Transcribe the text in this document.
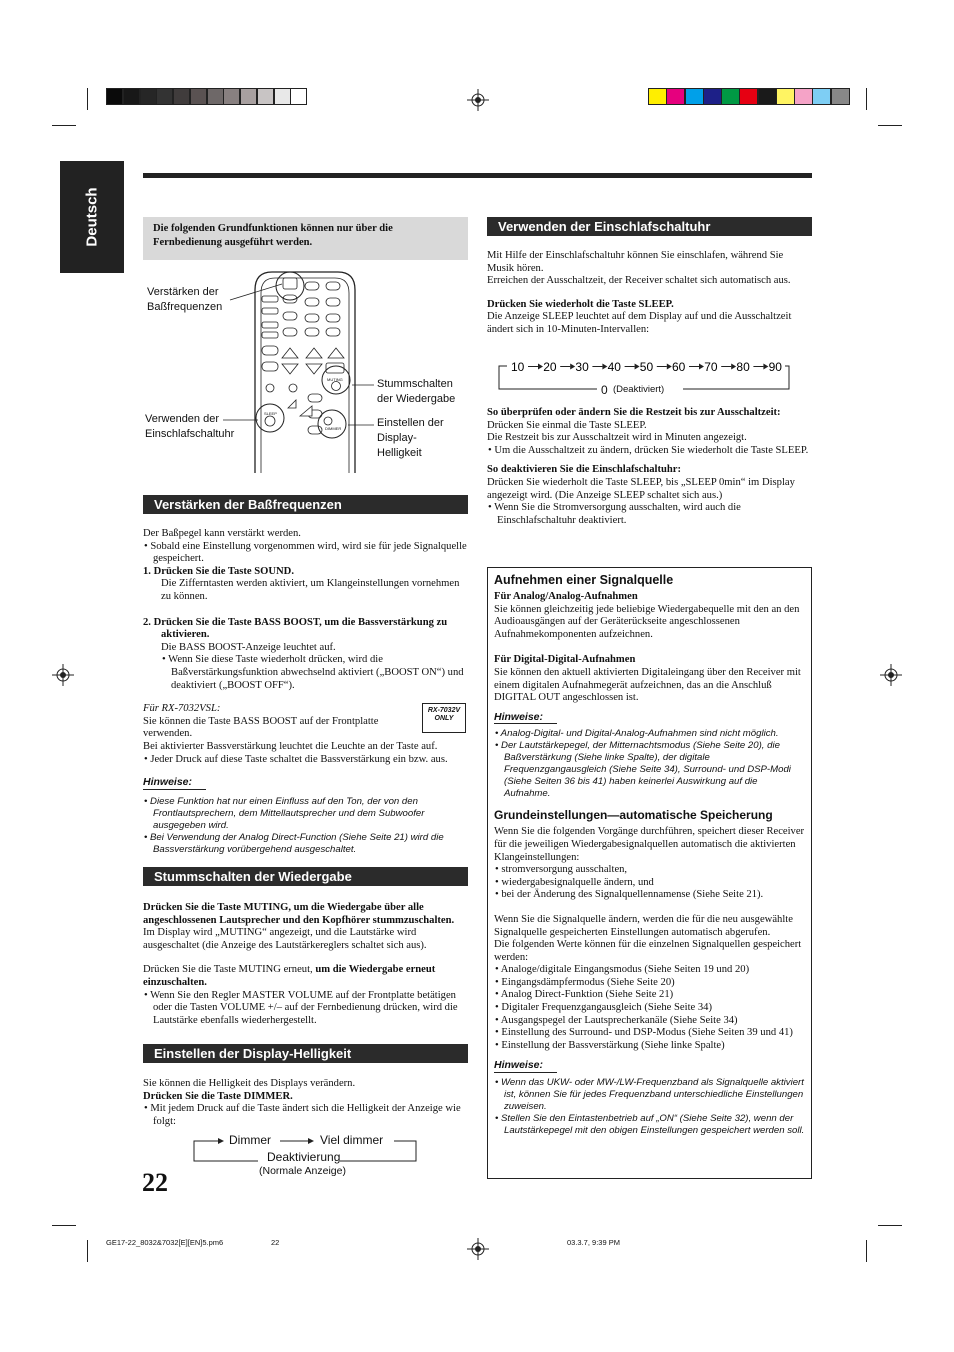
Deutsch	Die folgenden Grundfunktionen können nur über die Fernbedienung ausgeführt werden.
MUTING
SLEEP
DIMMER
Verstärken der Baßfrequenzen
Verwenden der Einschlafschaltuhr
Stummschalten der Wiedergabe
Einstellen der Display-Helligkeit
Verstärken der Baßfrequenzen
Der Baßpegel kann verstärkt werden.
• Sobald eine Einstellung vorgenommen wird, wird sie für jede Signalquelle gespeichert.
1. Drücken Sie die Taste SOUND.
Die Zifferntasten werden aktiviert, um Klangeinstellungen vornehmen zu können.
2. Drücken Sie die Taste BASS BOOST, um die Bassverstärkung zu aktivieren.
Die BASS BOOST-Anzeige leuchtet auf.
• Wenn Sie diese Taste wiederholt drücken, wird die Baßverstärkungsfunktion abwechselnd aktiviert („BOOST ON“) und deaktiviert („BOOST OFF“).
Für RX-7032VSL:
Sie können die Taste BASS BOOST auf der Frontplatte verwenden.
Bei aktivierter Bassverstärkung leuchtet die Leuchte an der Taste auf.
• Jeder Druck auf diese Taste schaltet die Bassverstärkung ein bzw. aus.
Hinweise:
• Diese Funktion hat nur einen Einfluss auf den Ton, der von den Frontlautsprechern, dem Mittellautsprecher und dem Subwoofer ausgegeben wird.
• Bei Verwendung der Analog Direct-Function (Siehe Seite 21) wird die Bassverstärkung vorübergehend ausgeschaltet.
RX-7032V ONLY
Stummschalten der Wiedergabe
Drücken Sie die Taste MUTING, um die Wiedergabe über alle angeschlossenen Lautsprecher und den Kopfhörer stummzuschalten.
Im Display wird „MUTING“ angezeigt, und die Lautstärke wird ausgeschaltet (die Anzeige des Lautstärkereglers schaltet sich aus).
Drücken Sie die Taste MUTING erneut, um die Wiedergabe erneut einzuschalten.
• Wenn Sie den Regler MASTER VOLUME auf der Frontplatte betätigen oder die Tasten VOLUME +/– auf der Fernbedienung drücken, wird die Lautstärke ebenfalls wiederhergestellt.
Einstellen der Display-Helligkeit
Sie können die Helligkeit des Displays verändern.
Drücken Sie die Taste DIMMER.
• Mit jedem Druck auf die Taste ändert sich die Helligkeit der Anzeige wie folgt:
Dimmer	Viel dimmer
Deaktivierung
(Normale Anzeige)
22
Verwenden der Einschlafschaltuhr
Mit Hilfe der Einschlafschaltuhr können Sie einschlafen, während Sie Musik hören.
Erreichen der Ausschaltzeit, der Receiver schaltet sich automatisch aus.
Drücken Sie wiederholt die Taste SLEEP.
Die Anzeige SLEEP leuchtet auf dem Display auf und die Ausschaltzeit ändert sich in 10-Minuten-Intervallen:
10 20 30 40 50 60 70 80 90
0 (Deaktiviert)
So überprüfen oder ändern Sie die Restzeit bis zur Ausschaltzeit:
Drücken Sie einmal die Taste SLEEP.
Die Restzeit bis zur Ausschaltzeit wird in Minuten angezeigt.
• Um die Ausschaltzeit zu ändern, drücken Sie wiederholt die Taste SLEEP.
So deaktivieren Sie die Einschlafschaltuhr:
Drücken Sie wiederholt die Taste SLEEP, bis „SLEEP 0min“ im Display angezeigt wird. (Die Anzeige SLEEP schaltet sich aus.)
• Wenn Sie die Stromversorgung ausschalten, wird auch die Einschlafschaltuhr deaktiviert.
Aufnehmen einer Signalquelle
Für Analog/Analog-Aufnahmen
Sie können gleichzeitig jede beliebige Wiedergabequelle mit den an den Audioausgängen auf der Geräterückseite angeschlossenen Aufnahmekomponenten aufzeichnen.
Für Digital-Digital-Aufnahmen
Sie können den aktuell aktivierten Digitaleingang über den Receiver mit einem digitalen Aufnahmegerät aufzeichnen, das an die Anschluß DIGITAL OUT angeschlossen ist.
Hinweise:
• Analog-Digital- und Digital-Analog-Aufnahmen sind nicht möglich.
• Der Lautstärkepegel, der Mitternachtsmodus (Siehe Seite 20), die Baßverstärkung (Siehe linke Spalte), der digitale Frequenzgangausgleich (Siehe Seite 34), Surround- und DSP-Modi (Siehe Seiten 36 bis 41) haben keinerlei Auswirkung auf die Aufnahme.
Grundeinstellungen—automatische Speicherung
Wenn Sie die folgenden Vorgänge durchführen, speichert dieser Receiver für die jeweiligen Wiedergabesignalquellen automatisch die aktivierten Klangeinstellungen:
• stromversorgung ausschalten,
• wiedergabesignalquelle ändern, und
• bei der Änderung des Signalquellennamense (Siehe Seite 21).
Wenn Sie die Signalquelle ändern, werden die für die neu ausgewählte Signalquelle gespeicherten Einstellungen automatisch abgerufen.
Die folgenden Werte können für die einzelnen Signalquellen gespeichert werden:
• Analoge/digitale Eingangsmodus (Siehe Seiten 19 und 20)
• Eingangsdämpfermodus (Siehe Seite 20)
• Analog Direct-Funktion (Siehe Seite 21)
• Digitaler Frequenzgangausgleich (Siehe Seite 34)
• Ausgangspegel der Lautsprecherkanäle (Siehe Seite 34)
• Einstellung des Surround- und DSP-Modus (Siehe Seiten 39 und 41)
• Einstellung der Bassverstärkung (Siehe linke Spalte)
Hinweise:
• Wenn das UKW- oder MW-/LW-Frequenzband als Signalquelle aktiviert ist, können Sie für jedes Frequenzband unterschiedliche Einstellungen zuweisen.
• Stellen Sie den Eintastenbetrieb auf „ON“ (Siehe Seite 32), wenn der Lautstärkepegel mit den obigen Einstellungen gespeichert werden soll.
GE17-22_8032&7032[E][EN]5.pm6	22	03.3.7, 9:39 PM
